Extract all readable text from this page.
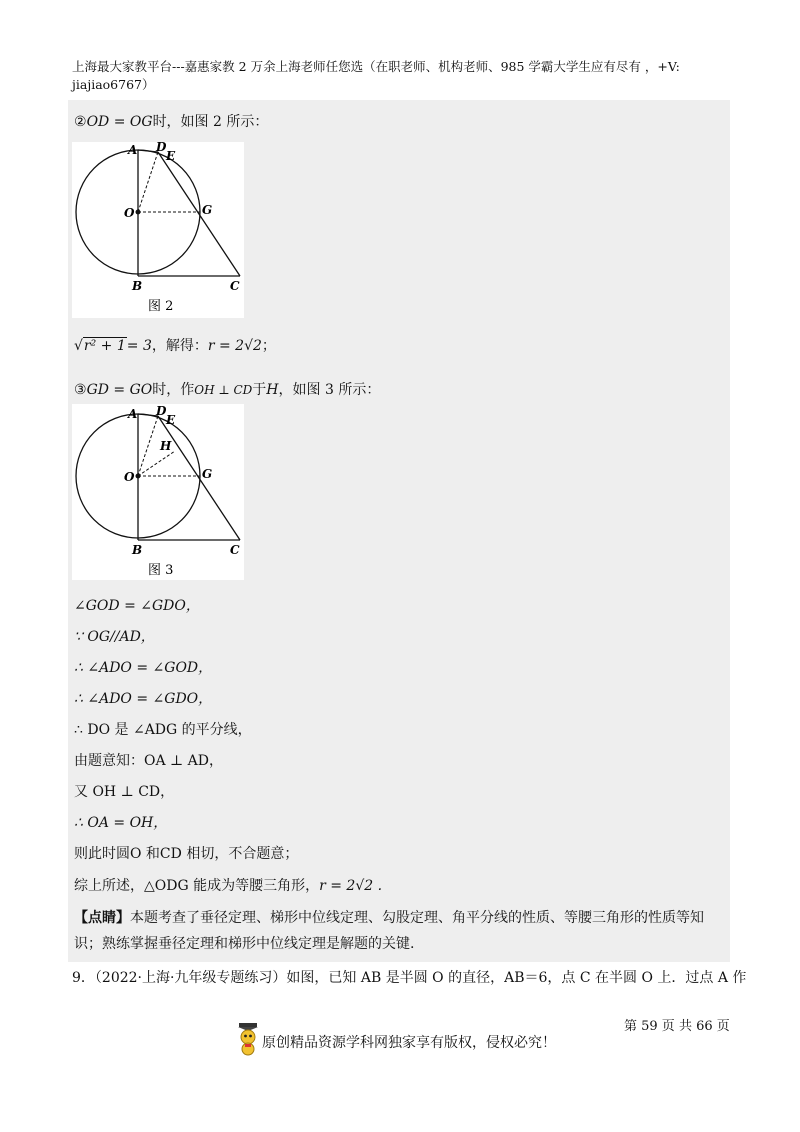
上海最大家教平台---嘉惠家教 2 万余上海老师任您选（在职老师、机构老师、985 学霸大学生应有尽有 ，+V: jiajiao6767）
②OD = OG时，如图 2 所示：
A D
E
O	G
B	C
图 2
√r² + 1= 3，解得：r = 2√2；
③GD = GO时，作OH ⊥ CD于H，如图 3 所示：
A D
E
H
O	G
B	C
图 3
∠GOD = ∠GDO，
∵ OG//AD，
∴ ∠ADO = ∠GOD，
∴ ∠ADO = ∠GDO，
∴ DO 是 ∠ADG 的平分线，
由题意知：OA ⊥ AD，
又 OH ⊥ CD，
∴ OA = OH，
则此时圆O 和CD 相切，不合题意；
综上所述，△ODG 能成为等腰三角形，r = 2√2 .
【点睛】本题考查了垂径定理、梯形中位线定理、勾股定理、角平分线的性质、等腰三角形的性质等知识；熟练掌握垂径定理和梯形中位线定理是解题的关键.
9．（2022·上海·九年级专题练习）如图，已知 AB 是半圆 O 的直径，AB＝6，点 C 在半圆 O 上．过点 A 作
原创精品资源学科网独家享有版权，侵权必究！
第 59 页 共 66 页
